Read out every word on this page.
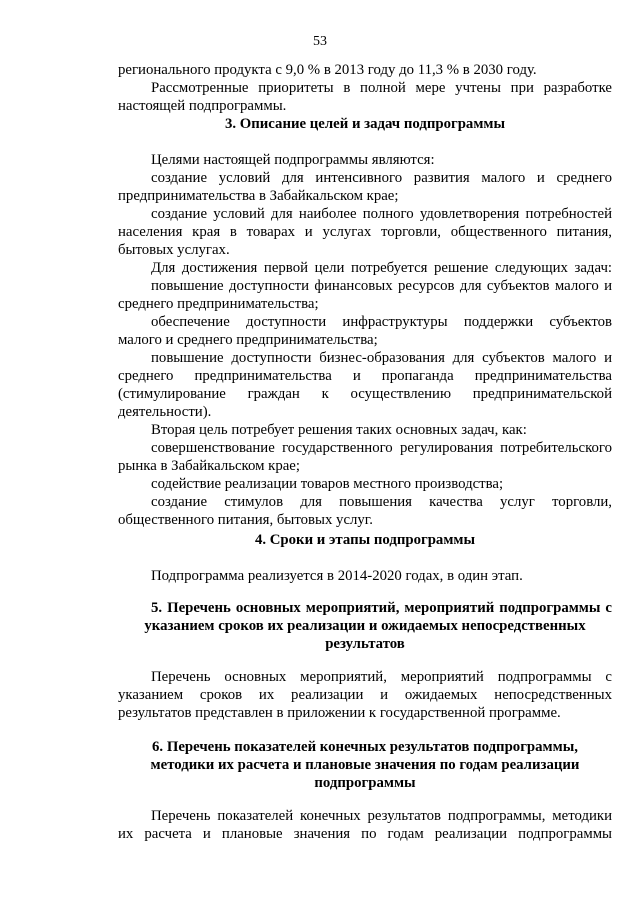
53
регионального продукта с 9,0 % в 2013 году до 11,3 % в 2030 году.
Рассмотренные приоритеты в полной мере учтены при разработке
настоящей подпрограммы.
3. Описание целей и задач подпрограммы
Целями настоящей подпрограммы являются:
создание условий для интенсивного развития малого и среднего
предпринимательства в Забайкальском крае;
создание условий для наиболее полного удовлетворения потребностей
населения края в товарах и услугах торговли, общественного питания,
бытовых услугах.
Для достижения первой цели потребуется решение следующих задач:
повышение доступности финансовых ресурсов для субъектов малого и
среднего предпринимательства;
обеспечение доступности инфраструктуры поддержки субъектов
малого и среднего предпринимательства;
повышение доступности бизнес-образования для субъектов малого и
среднего предпринимательства и пропаганда предпринимательства
(стимулирование граждан к осуществлению предпринимательской
деятельности).
Вторая цель потребует решения таких основных задач, как:
совершенствование государственного регулирования потребительского
рынка в Забайкальском крае;
содействие реализации товаров местного производства;
создание стимулов для повышения качества услуг торговли,
общественного питания, бытовых услуг.
4. Сроки и этапы подпрограммы
Подпрограмма реализуется в 2014-2020 годах, в один этап.
5. Перечень основных мероприятий, мероприятий подпрограммы с
указанием сроков их реализации и ожидаемых непосредственных
результатов
Перечень основных мероприятий, мероприятий подпрограммы с
указанием сроков их реализации и ожидаемых непосредственных
результатов представлен в приложении к государственной программе.
6. Перечень показателей конечных результатов подпрограммы,
методики их расчета и плановые значения по годам реализации
подпрограммы
Перечень показателей конечных результатов подпрограммы, методики
их расчета и плановые значения по годам реализации подпрограммы
